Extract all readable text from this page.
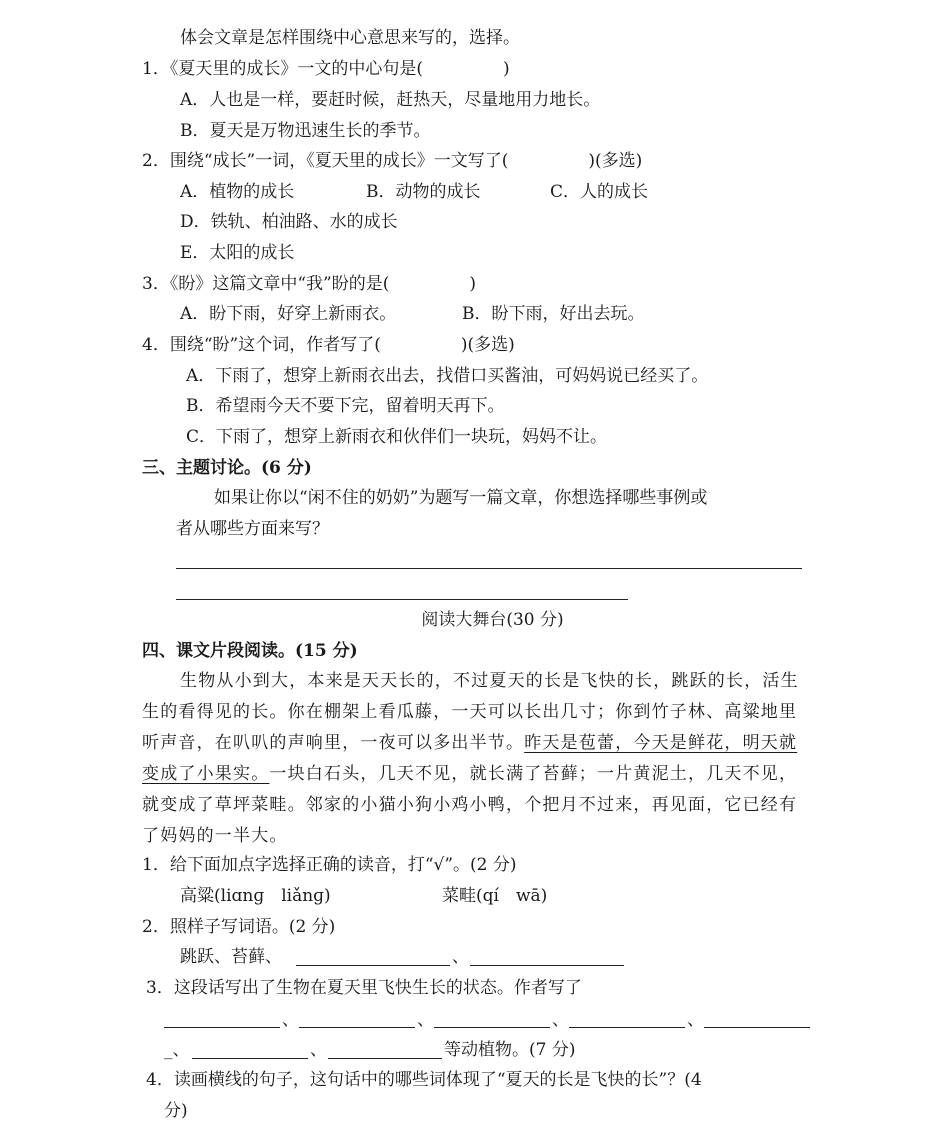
体会文章是怎样围绕中心意思来写的，选择。
1．《夏天里的成长》一文的中心句是(	)
A．人也是一样，要赶时候，赶热天，尽量地用力地长。
B．夏天是万物迅速生长的季节。
2．围绕“成长”一词，《夏天里的成长》一文写了(	)(多选)
A．植物的成长	B．动物的成长	C．人的成长
D．铁轨、柏油路、水的成长
E．太阳的成长
3．《盼》这篇文章中“我”盼的是(	)
A．盼下雨，好穿上新雨衣。	B．盼下雨，好出去玩。
4．围绕“盼”这个词，作者写了(	)(多选)
A．下雨了，想穿上新雨衣出去，找借口买酱油，可妈妈说已经买了。
B．希望雨今天不要下完，留着明天再下。
C．下雨了，想穿上新雨衣和伙伴们一块玩，妈妈不让。
三、主题讨论。(6 分)
如果让你以“闲不住的奶奶”为题写一篇文章，你想选择哪些事例或
者从哪些方面来写？
阅读大舞台(30 分)
四、课文片段阅读。(15 分)

生物从小到大，本来是天天长的，不过夏天的长是飞快的长，跳跃的长，活生生的看得见的长。你在棚架上看瓜藤，一天可以长出几寸；你到竹子林、高粱地里听声音，在叭叭的声响里，一夜可以多出半节。昨天是苞蕾，今天是鲜花，明天就变成了小果实。一块白石头，几天不见，就长满了苔藓；一片黄泥土，几天不见，就变成了草坪菜畦。邻家的小猫小狗小鸡小鸭，个把月不过来，再见面，它已经有了妈妈的一半大。

1．给下面加点字选择正确的读音，打“√”。(2 分)
高粱(liɑnɡ　liǎnɡ)	菜畦(qí　wā)
2．照样子写词语。(2 分)
跳跃、苔藓、	、
3．这段话写出了生物在夏天里飞快生长的状态。作者写了
、	、	、	、
_、	、	等动植物。(7 分)
4．读画横线的句子，这句话中的哪些词体现了“夏天的长是飞快的长”？(4
分)
